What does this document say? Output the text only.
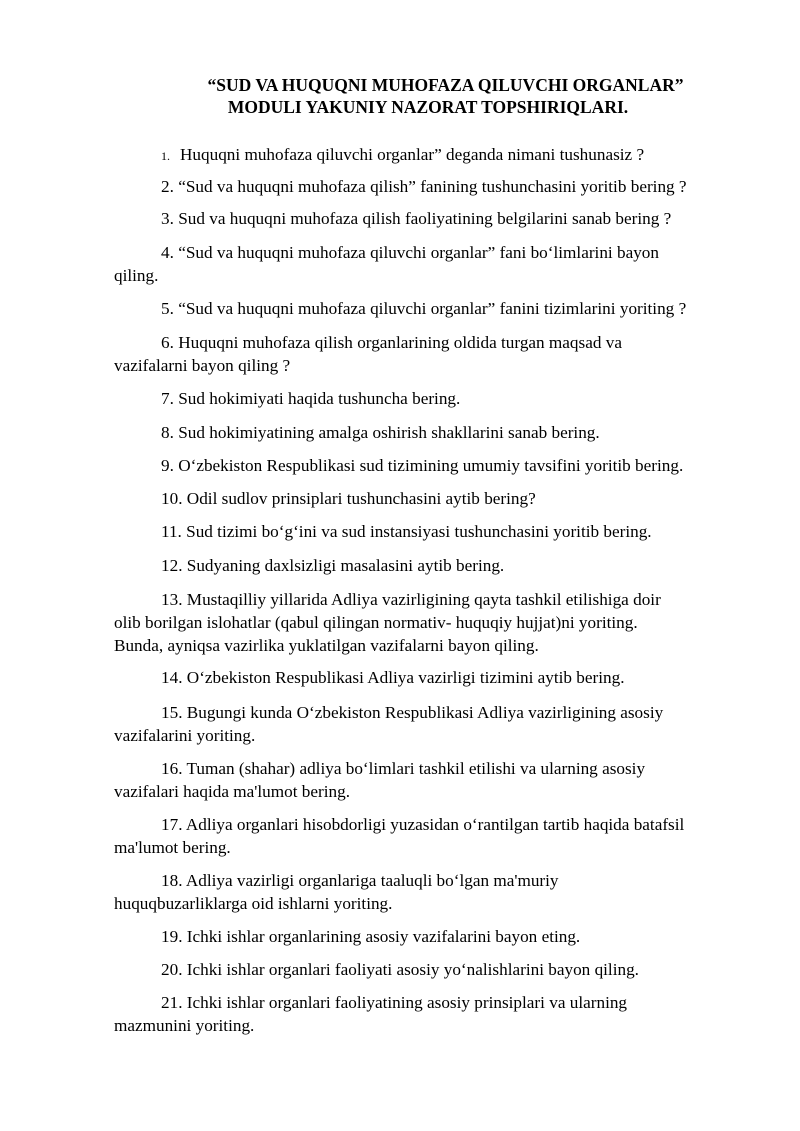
“SUD VA HUQUQNI MUHOFAZA QILUVCHI ORGANLAR”
MODULI YAKUNIY NAZORAT TOPSHIRIQLARI.
1. Huquqni muhofaza qiluvchi organlar” deganda nimani tushunasiz ?
2. “Sud va huquqni muhofaza qilish” fanining tushunchasini yoritib bering ?
3. Sud va huquqni muhofaza qilish faoliyatining belgilarini sanab bering ?
4. “Sud va huquqni muhofaza qiluvchi organlar” fani boʻlimlarini bayon
qiling.
5. “Sud va huquqni muhofaza qiluvchi organlar” fanini tizimlarini yoriting ?
6. Huquqni muhofaza qilish organlarining oldida turgan maqsad va
vazifalarni bayon qiling ?
7. Sud hokimiyati haqida tushuncha bering.
8. Sud hokimiyatining amalga oshirish shakllarini sanab bering.
9. Oʻzbekiston Respublikasi sud tizimining umumiy tavsifini yoritib bering.
10. Odil sudlov prinsiplari tushunchasini aytib bering?
11. Sud tizimi boʻgʻini va sud instansiyasi tushunchasini yoritib bering.
12. Sudyaning daxlsizligi masalasini aytib bering.
13. Mustaqilliy yillarida Adliya vazirligining qayta tashkil etilishiga doir
olib borilgan islohatlar (qabul qilingan normativ- huquqiy hujjat)ni yoriting.
Bunda, ayniqsa vazirlika yuklatilgan vazifalarni bayon qiling.
14. Oʻzbekiston Respublikasi Adliya vazirligi tizimini aytib bering.
15. Bugungi kunda Oʻzbekiston Respublikasi Adliya vazirligining asosiy
vazifalarini yoriting.
16. Tuman (shahar) adliya boʻlimlari tashkil etilishi va ularning asosiy
vazifalari haqida ma'lumot bering.
17. Adliya organlari hisobdorligi yuzasidan oʻrantilgan tartib haqida batafsil
ma'lumot bering.
18. Adliya vazirligi organlariga taaluqli boʻlgan ma'muriy
huquqbuzarliklarga oid ishlarni yoriting.
19. Ichki ishlar organlarining asosiy vazifalarini bayon eting.
20. Ichki ishlar organlari faoliyati asosiy yoʻnalishlarini bayon qiling.
21. Ichki ishlar organlari faoliyatining asosiy prinsiplari va ularning
mazmunini yoriting.
